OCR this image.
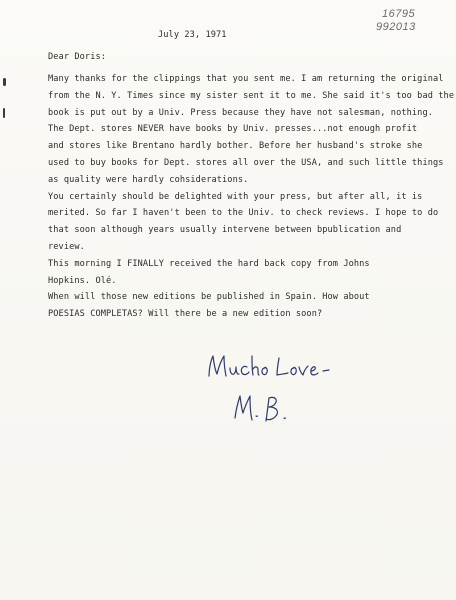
16795
992013
July 23, 1971
Dear Doris:
Many thanks for the clippings that you sent me. I am returning the original
from the N. Y. Times since my sister sent it to me. She said it's too bad the
book is put out by a Univ. Press because they have not salesman, nothing.
The Dept. stores NEVER have books by Univ. presses...not enough profit
and stores like Brentano hardly bother. Before her husband's stroke she
used to buy books for Dept. stores all over the USA, and such little things
as quality were hardly cohsiderations.
You certainly should be delighted with your press, but after all, it is
merited. So far I haven't been to the Univ. to check reviews. I hope to do
that soon although years usually intervene between bpublication and
review.
This morning I FINALLY received the hard back copy from Johns
Hopkins. Olé.
When will those new editions be published in Spain. How about
POESIAS COMPLETAS? Will there be a new edition soon?
